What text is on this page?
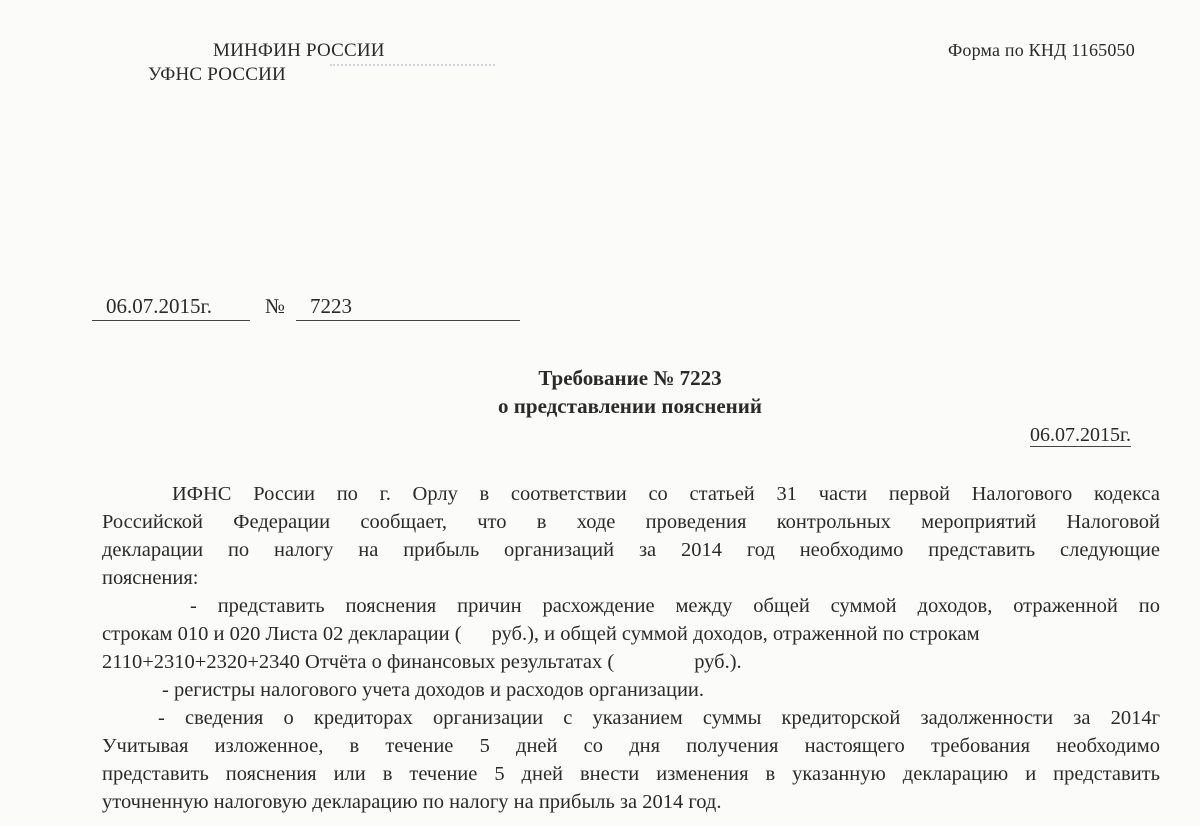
МИНФИН РОССИИ
УФНС РОССИИ
Форма по КНД 1165050
06.07.2015г.	№ 7223
Требование № 7223
о представлении пояснений
06.07.2015г.
ИФНС России по г. Орлу в соответствии со статьей 31 части первой Налогового кодекса
Российской Федерации сообщает, что в ходе проведения контрольных мероприятий Налоговой
декларации по налогу на прибыль организаций за 2014 год необходимо представить следующие
пояснения:
- представить пояснения причин расхождение между общей суммой доходов, отраженной по
строкам 010 и 020 Листа 02 декларации ( руб.), и общей суммой доходов, отраженной по строкам
2110+2310+2320+2340 Отчёта о финансовых результатах (	руб.).
- регистры налогового учета доходов и расходов организации.
- сведения о кредиторах организации с указанием суммы кредиторской задолженности за 2014г
Учитывая изложенное, в течение 5 дней со дня получения настоящего требования необходимо
представить пояснения или в течение 5 дней внести изменения в указанную декларацию и представить
уточненную налоговую декларацию по налогу на прибыль за 2014 год.
